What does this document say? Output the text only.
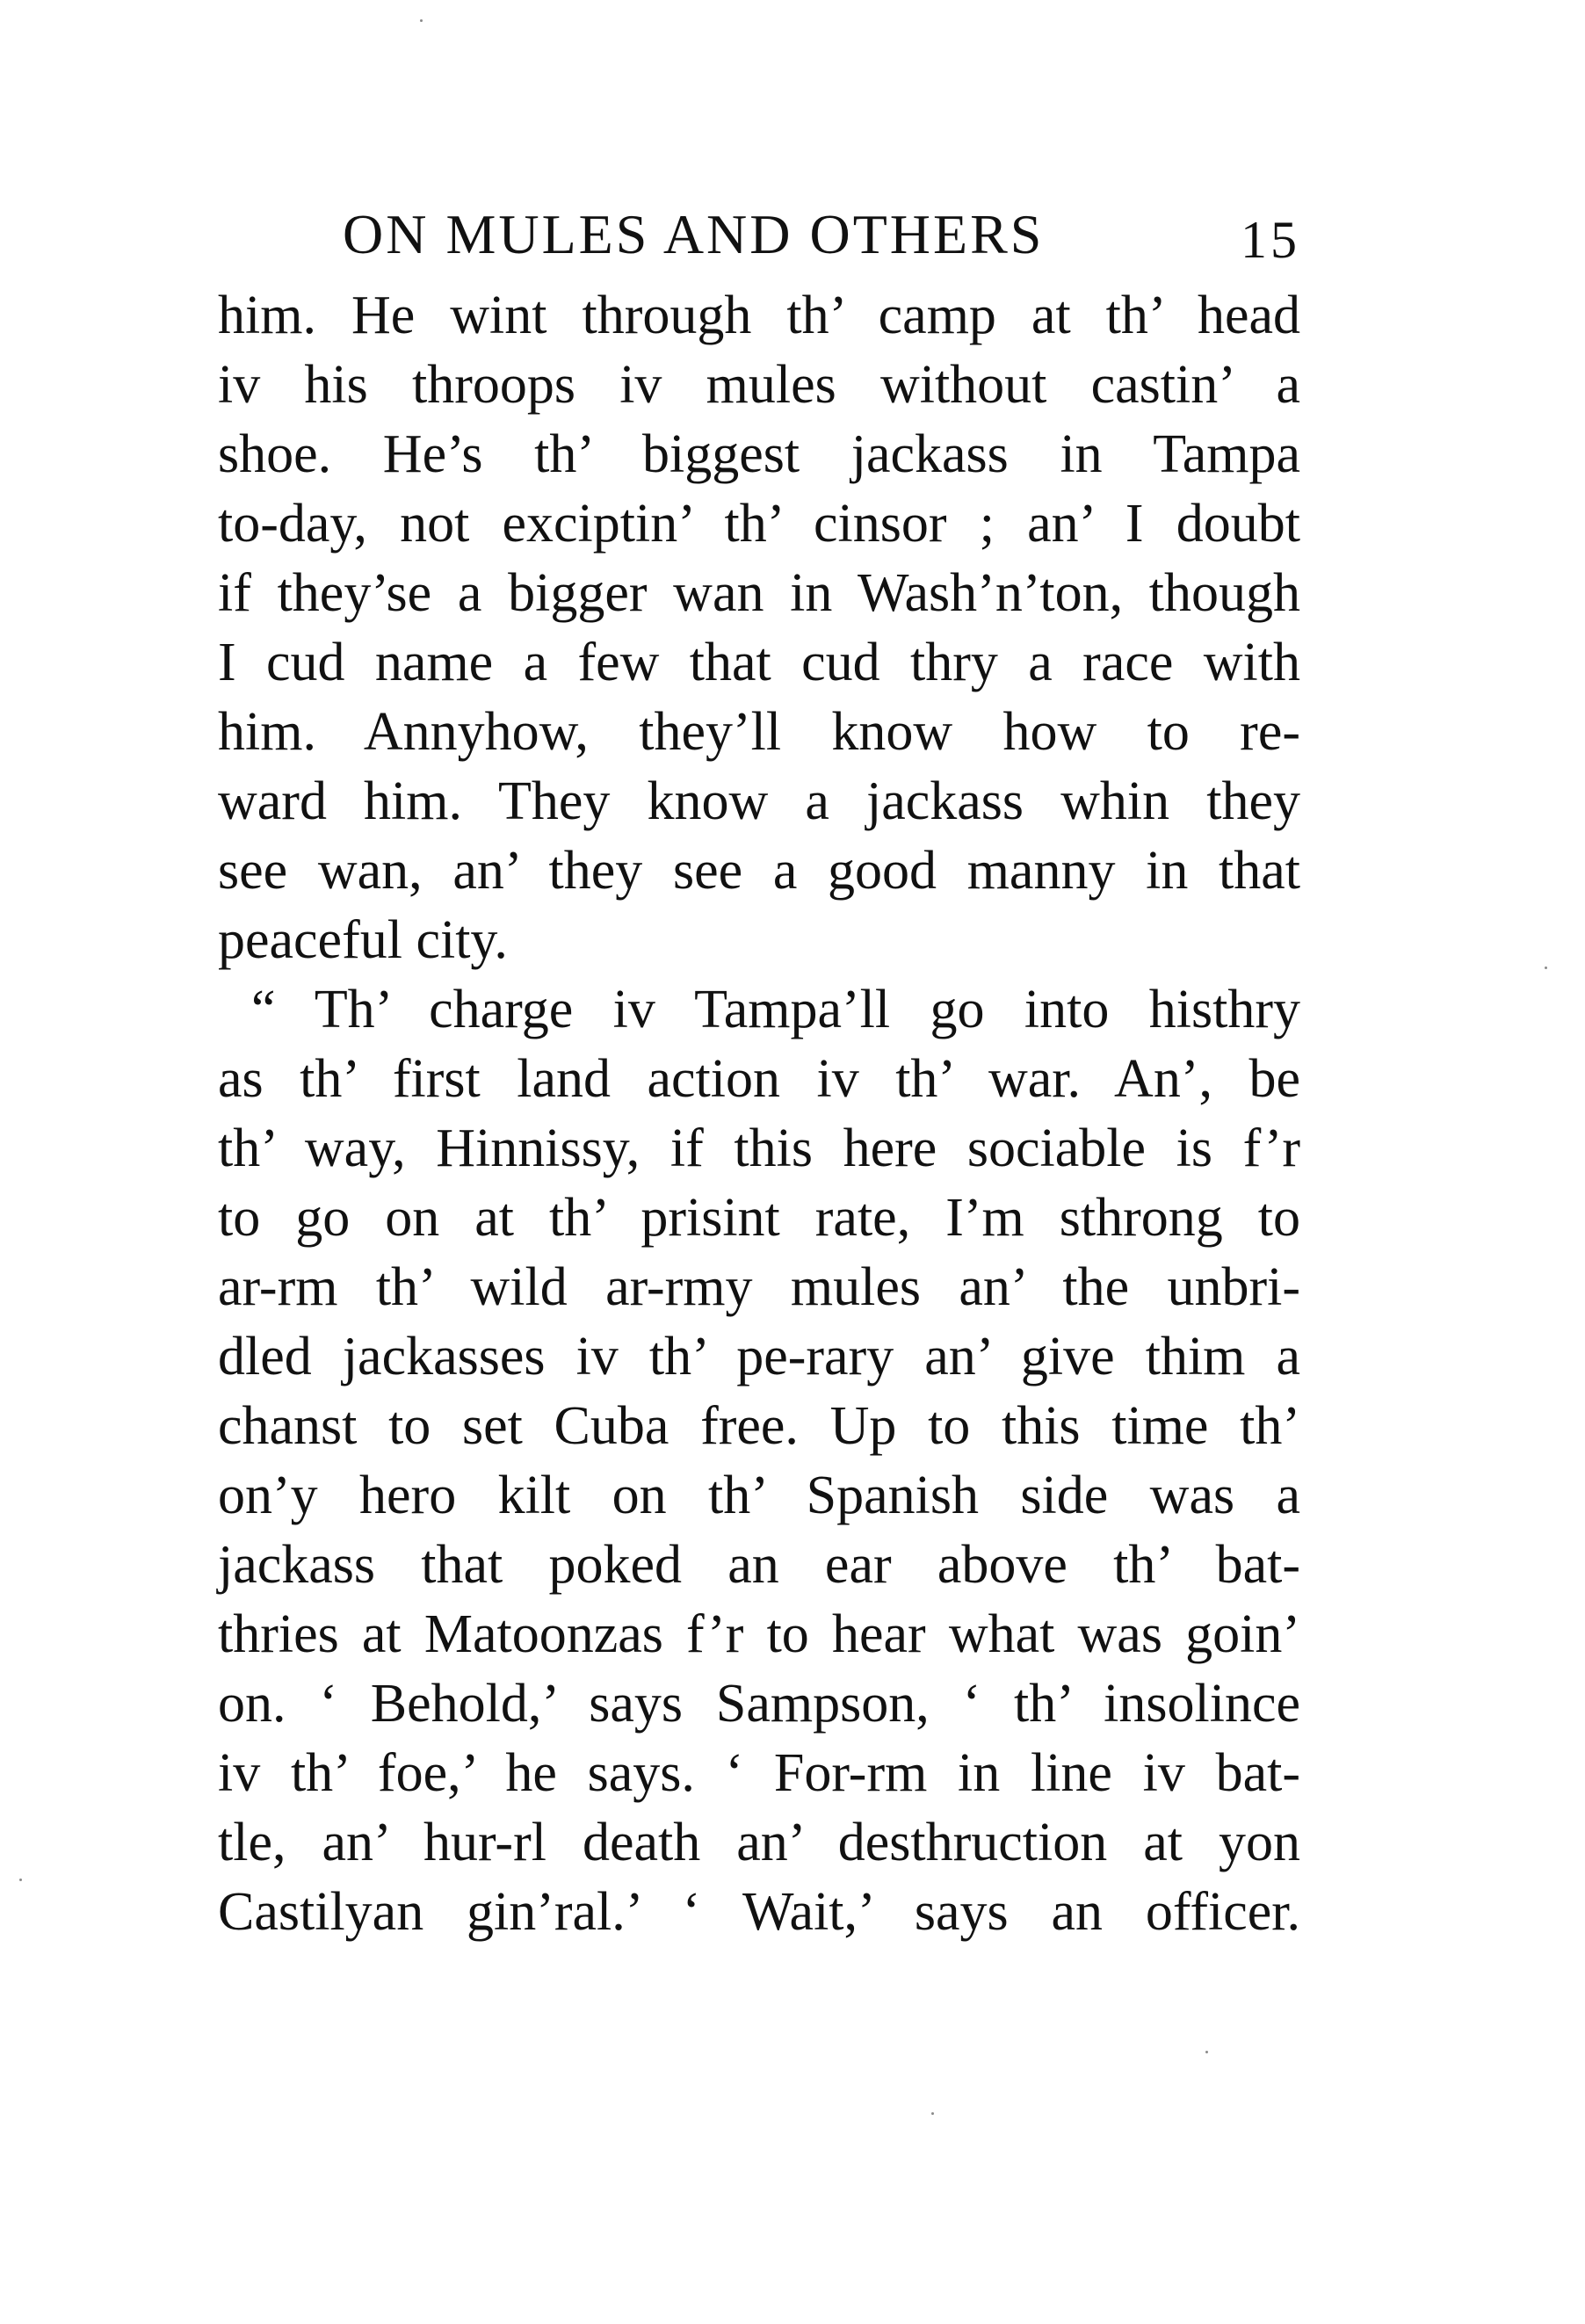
ON MULES AND OTHERS	15
him. He wint through th’ camp at th’ head
iv his throops iv mules without castin’ a
shoe. He’s th’ biggest jackass in Tampa
to-day, not exciptin’ th’ cinsor ; an’ I doubt
if they’se a bigger wan in Wash’n’ton, though
I cud name a few that cud thry a race with
him. Annyhow, they’ll know how to re-
ward him. They know a jackass whin they
see wan, an’ they see a good manny in that
peaceful city.
“ Th’ charge iv Tampa’ll go into histhry
as th’ first land action iv th’ war. An’, be
th’ way, Hinnissy, if this here sociable is f’r
to go on at th’ prisint rate, I’m sthrong to
ar-rm th’ wild ar-rmy mules an’ the unbri-
dled jackasses iv th’ pe-rary an’ give thim a
chanst to set Cuba free. Up to this time th’
on’y hero kilt on th’ Spanish side was a
jackass that poked an ear above th’ bat-
thries at Matoonzas f’r to hear what was goin’
on. ‘ Behold,’ says Sampson, ‘ th’ insolince
iv th’ foe,’ he says. ‘ For-rm in line iv bat-
tle, an’ hur-rl death an’ desthruction at yon
Castilyan gin’ral.’ ‘ Wait,’ says an officer.
